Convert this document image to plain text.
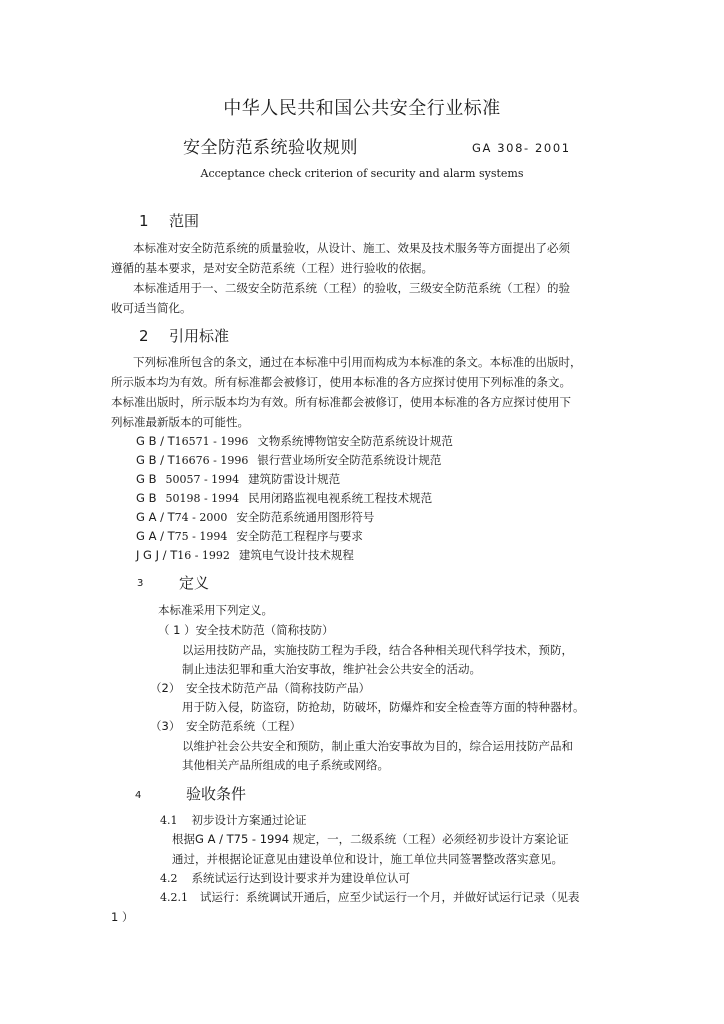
中华人民共和国公共安全行业标准
安全防范系统验收规则	GA 308- 2001
Acceptance check criterion of security and alarm systems
1 范围
本标准对安全防范系统的质量验收，从设计、施工、效果及技术服务等方面提出了必须
遵循的基本要求，是对安全防范系统（工程）进行验收的依据。
本标准适用于一、二级安全防范系统（工程）的验收，三级安全防范系统（工程）的验
收可适当简化。
2 引用标准
下列标准所包含的条文，通过在本标准中引用而构成为本标准的条文。本标准的出版时，
所示版本均为有效。所有标准都会被修订，使用本标准的各方应探讨使用下列标准的条文。
本标准出版时，所示版本均为有效。所有标准都会被修订，使用本标准的各方应探讨使用下
列标准最新版本的可能性。
G B / T16571 - 1996 文物系统博物馆安全防范系统设计规范
G B / T16676 - 1996 银行营业场所安全防范系统设计规范
G B 50057 - 1994 建筑防雷设计规范
G B 50198 - 1994 民用闭路监视电视系统工程技术规范
G A / T74 - 2000 安全防范系统通用图形符号
G A / T75 - 1994 安全防范工程程序与要求
J G J / T16 - 1992 建筑电气设计技术规程
3 定义
本标准采用下列定义。
（ 1 ）安全技术防范（简称技防）
以运用技防产品，实施技防工程为手段，结合各种相关现代科学技术，预防，
制止违法犯罪和重大治安事故，维护社会公共安全的活动。
（2）　安全技术防范产品（简称技防产品）
用于防入侵，防盗窃，防抢劫，防破坏，防爆炸和安全检查等方面的特种器材。
（3）　安全防范系统（工程）
以维护社会公共安全和预防，制止重大治安事故为目的，综合运用技防产品和
其他相关产品所组成的电子系统或网络。
4	验收条件
4.1 初步设计方案通过论证
根据G A / T75 - 1994 规定，一，二级系统（工程）必须经初步设计方案论证
通过，并根据论证意见由建设单位和设计，施工单位共同签署整改落实意见。
4.2 系统试运行达到设计要求并为建设单位认可
4.2.1 试运行：系统调试开通后，应至少试运行一个月，并做好试运行记录（见表
1 ）
